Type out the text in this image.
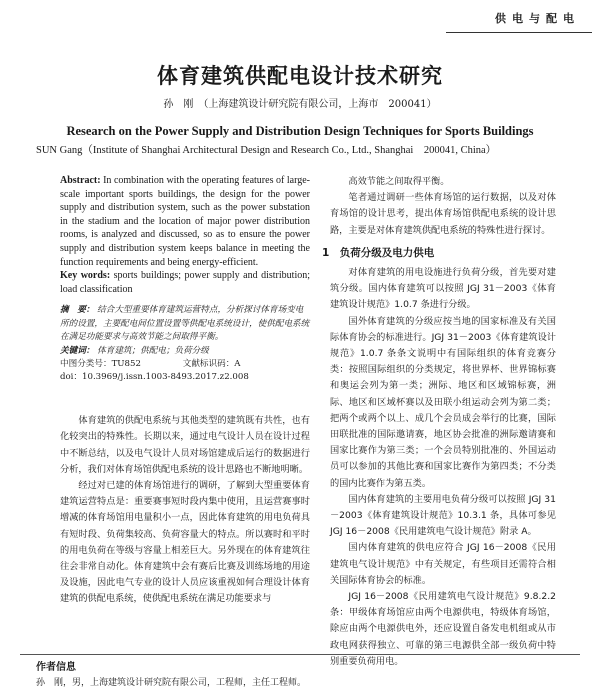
供电与配电
体育建筑供配电设计技术研究
孙　刚　（上海建筑设计研究院有限公司，上海市　200041）
Research on the Power Supply and Distribution Design Techniques for Sports Buildings
SUN Gang（Institute of Shanghai Architectural Design and Research Co., Ltd., Shanghai　200041, China）
Abstract: In combination with the operating features of large-scale important sports buildings, the design for the power supply and distribution system, such as the power substation in the stadium and the location of major power distribution rooms, is analyzed and discussed, so as to ensure the power supply and distribution system keeps balance in meeting the function requirements and being energy-efficient.
Key words: sports buildings; power supply and distribution; load classification
摘　要： 结合大型重要体育建筑运营特点，分析探讨体育场变电所的设置，主要配电间位置设置等供配电系统设计，使供配电系统在满足功能要求与高效节能之间取得平衡。
关键词： 体育建筑；供配电；负荷分级
中图分类号：TU852	文献标识码：A
doi：10.3969/j.issn.1003-8493.2017.z2.008

体育建筑的供配电系统与其他类型的建筑既有共性，也有化较突出的特殊性。长期以来，通过电气设计人员在设计过程中不断总结，以及电气设计人员对场馆建成后运行的数据进行分析，我们对体育场馆供配电系统的设计思路也不断地明晰。

经过对已建的体育场馆进行的调研，了解到大型重要体育建筑运营特点是：重要赛事短时段内集中使用，且运营赛事时增减的体育场馆用电量积小一点，因此体育建筑的用电负荷具有短时段、负荷集较高、负荷容量大的特点。所以赛时和平时的用电负荷在等级与容量上相差巨大。另外现在的体育建筑往往会非常自动化。体育建筑中会有赛后比赛及训练场地的用途及设施，因此电气专业的设计人员应该重视如何合理设计体育建筑的供配电系统，使供配电系统在满足功能要求与

高效节能之间取得平衡。

笔者通过调研一些体育场馆的运行数据，以及对体育场馆的设计思考，提出体育场馆供配电系统的设计思路，主要是对体育建筑供配电系统的特殊性进行探讨。

1　负荷分级及电力供电

对体育建筑的用电设施进行负荷分级，首先要对建筑分级。国内体育建筑可以按照 JGJ 31－2003《体育建筑设计规范》1.0.7 条进行分级。

国外体育建筑的分级应按当地的国家标准及有关国际体育协会的标准进行。JGJ 31－2003《体育建筑设计规范》1.0.7 条条文说明中有国际组织的体育竞赛分类：按照国际组织的分类规定，将世界杯、世界锦标赛和奥运会列为第一类；洲际、地区和区域锦标赛，洲际、地区和区域杯赛以及田联小组运动会列为第二类；把两个或两个以上、成几个会员成会举行的比赛，国际田联批准的国际邀请赛，地区协会批准的洲际邀请赛和国家比赛作为第三类；一个会员特别批准的、外国运动员可以参加的其他比赛和国家比赛作为第四类；不分类的国内比赛作为第五类。

国内体育建筑的主要用电负荷分级可以按照 JGJ 31－2003《体育建筑设计规范》10.3.1 条，具体可参见 JGJ 16－2008《民用建筑电气设计规范》附录 A。

国内体育建筑的供电应符合 JGJ 16－2008《民用建筑电气设计规范》中有关规定，有些项目还需符合相关国际体育协会的标准。

JGJ 16－2008《民用建筑电气设计规范》9.8.2.2 条：甲级体育场馆应由两个电源供电，特级体育场馆，除应由两个电源供电外，还应设置自备发电机组或从市政电网获得独立、可靠的第三电源供全部一级负荷中特别重要负荷用电。

作者信息
孙　刚，男，上海建筑设计研究院有限公司，工程师，主任工程师。
